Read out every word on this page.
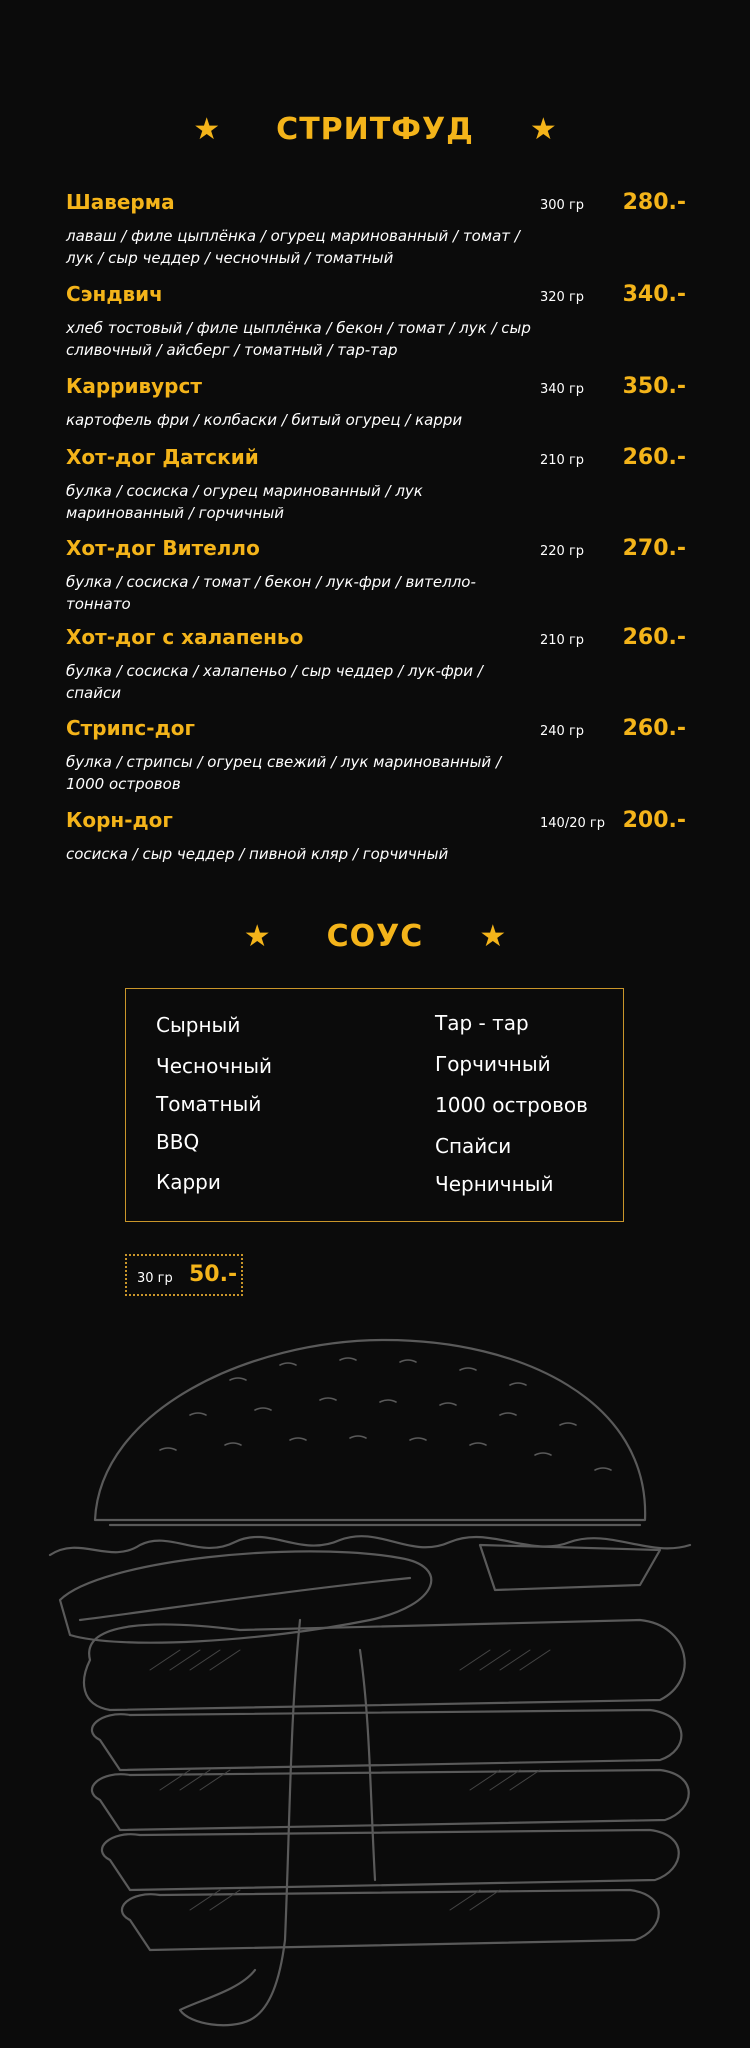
★ СТРИТФУД ★
Шаверма	300 гр 280.-
лаваш / филе цыплёнка / огурец маринованный / томат / лук / сыр чеддер / чесночный / томатный
Сэндвич	320 гр 340.-
хлеб тостовый / филе цыплёнка / бекон / томат / лук / сыр сливочный / айсберг / томатный / тар-тар
Карривурст	340 гр 350.-
картофель фри / колбаски / битый огурец / карри
Хот-дог Датский	210 гр 260.-
булка / сосиска / огурец маринованный / лук маринованный / горчичный
Хот-дог Вителло	220 гр 270.-
булка / сосиска / томат / бекон / лук-фри / вителло-тоннато
Хот-дог с халапеньо	210 гр 260.-
булка / сосиска / халапеньо / сыр чеддер / лук-фри / спайси
Стрипс-дог	240 гр 260.-
булка / стрипсы / огурец свежий / лук маринованный / 1000 островов
Корн-дог	140/20 гр 200.-
сосиска / сыр чеддер / пивной кляр / горчичный
★ СОУС ★
Сырный
Чесночный
Томатный
BBQ
Карри
Тар - тар
Горчичный
1000 островов
Спайси
Черничный
30 гр 50.-
